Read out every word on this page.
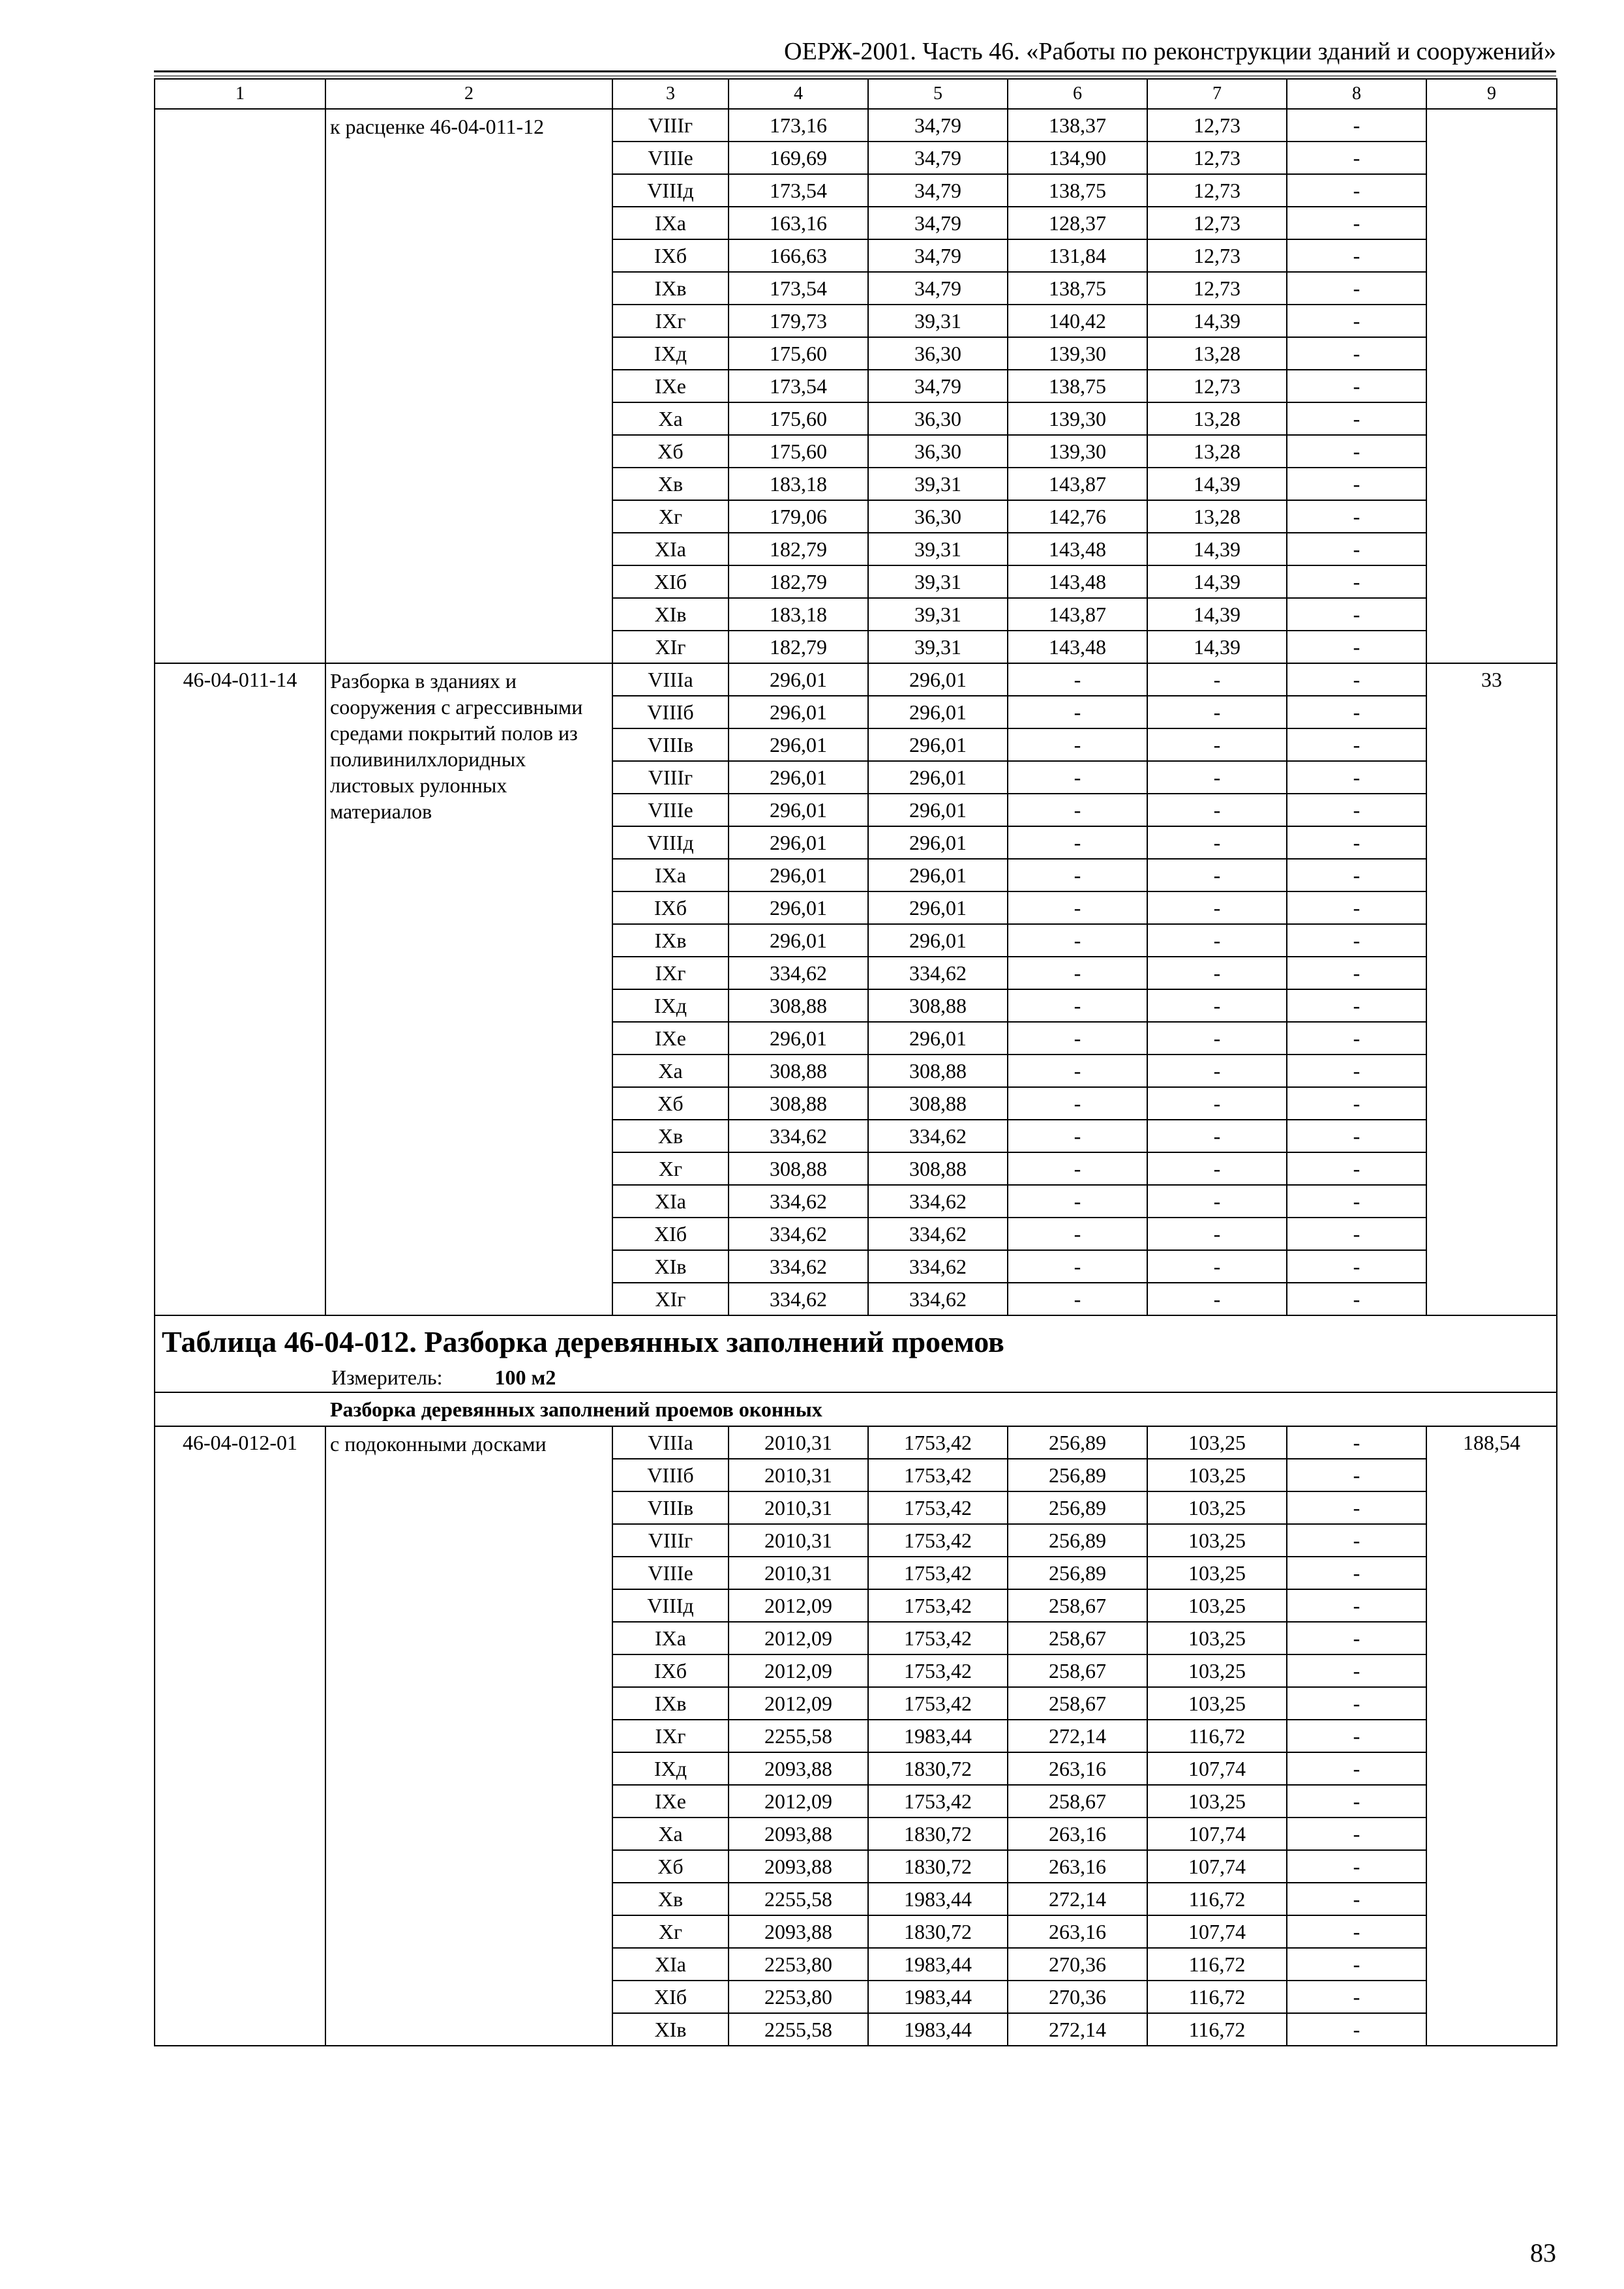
ОЕРЖ-2001. Часть 46. «Работы по реконструкции зданий и сооружений»
1	2	3	4	5	6	7	8	9
	к расценке 46-04-011-12	VIIIг	173,16	34,79	138,37	12,73	-	
		VIIIе	169,69	34,79	134,90	12,73	-	
		VIIIд	173,54	34,79	138,75	12,73	-	
		IXа	163,16	34,79	128,37	12,73	-	
		IXб	166,63	34,79	131,84	12,73	-	
		IXв	173,54	34,79	138,75	12,73	-	
		IXг	179,73	39,31	140,42	14,39	-	
		IXд	175,60	36,30	139,30	13,28	-	
		IXе	173,54	34,79	138,75	12,73	-	
		Xа	175,60	36,30	139,30	13,28	-	
		Xб	175,60	36,30	139,30	13,28	-	
		Xв	183,18	39,31	143,87	14,39	-	
		Xг	179,06	36,30	142,76	13,28	-	
		XIа	182,79	39,31	143,48	14,39	-	
		XIб	182,79	39,31	143,48	14,39	-	
		XIв	183,18	39,31	143,87	14,39	-	
		XIг	182,79	39,31	143,48	14,39	-	
46-04-011-14	Разборка в зданиях и сооружения с агрессивными средами покрытий полов из поливинилхлоридных листовых рулонных материалов	VIIIа	296,01	296,01	-	-	-	33
		VIIIб	296,01	296,01	-	-	-	
		VIIIв	296,01	296,01	-	-	-	
		VIIIг	296,01	296,01	-	-	-	
		VIIIе	296,01	296,01	-	-	-	
		VIIIд	296,01	296,01	-	-	-	
		IXа	296,01	296,01	-	-	-	
		IXб	296,01	296,01	-	-	-	
		IXв	296,01	296,01	-	-	-	
		IXг	334,62	334,62	-	-	-	
		IXд	308,88	308,88	-	-	-	
		IXе	296,01	296,01	-	-	-	
		Xа	308,88	308,88	-	-	-	
		Xб	308,88	308,88	-	-	-	
		Xв	334,62	334,62	-	-	-	
		Xг	308,88	308,88	-	-	-	
		XIа	334,62	334,62	-	-	-	
		XIб	334,62	334,62	-	-	-	
		XIв	334,62	334,62	-	-	-	
		XIг	334,62	334,62	-	-	-	

Таблица 46-04-012. Разборка деревянных заполнений проемов
Измеритель: 100 м2								

Разборка деревянных заполнений проемов оконных								
46-04-012-01	с подоконными досками	VIIIа	2010,31	1753,42	256,89	103,25	-	188,54
		VIIIб	2010,31	1753,42	256,89	103,25	-	
		VIIIв	2010,31	1753,42	256,89	103,25	-	
		VIIIг	2010,31	1753,42	256,89	103,25	-	
		VIIIе	2010,31	1753,42	256,89	103,25	-	
		VIIIд	2012,09	1753,42	258,67	103,25	-	
		IXа	2012,09	1753,42	258,67	103,25	-	
		IXб	2012,09	1753,42	258,67	103,25	-	
		IXв	2012,09	1753,42	258,67	103,25	-	
		IXг	2255,58	1983,44	272,14	116,72	-	
		IXд	2093,88	1830,72	263,16	107,74	-	
		IXе	2012,09	1753,42	258,67	103,25	-	
		Xа	2093,88	1830,72	263,16	107,74	-	
		Xб	2093,88	1830,72	263,16	107,74	-	
		Xв	2255,58	1983,44	272,14	116,72	-	
		Xг	2093,88	1830,72	263,16	107,74	-	
		XIа	2253,80	1983,44	270,36	116,72	-	
		XIб	2253,80	1983,44	270,36	116,72	-	
		XIв	2255,58	1983,44	272,14	116,72	-	
83
